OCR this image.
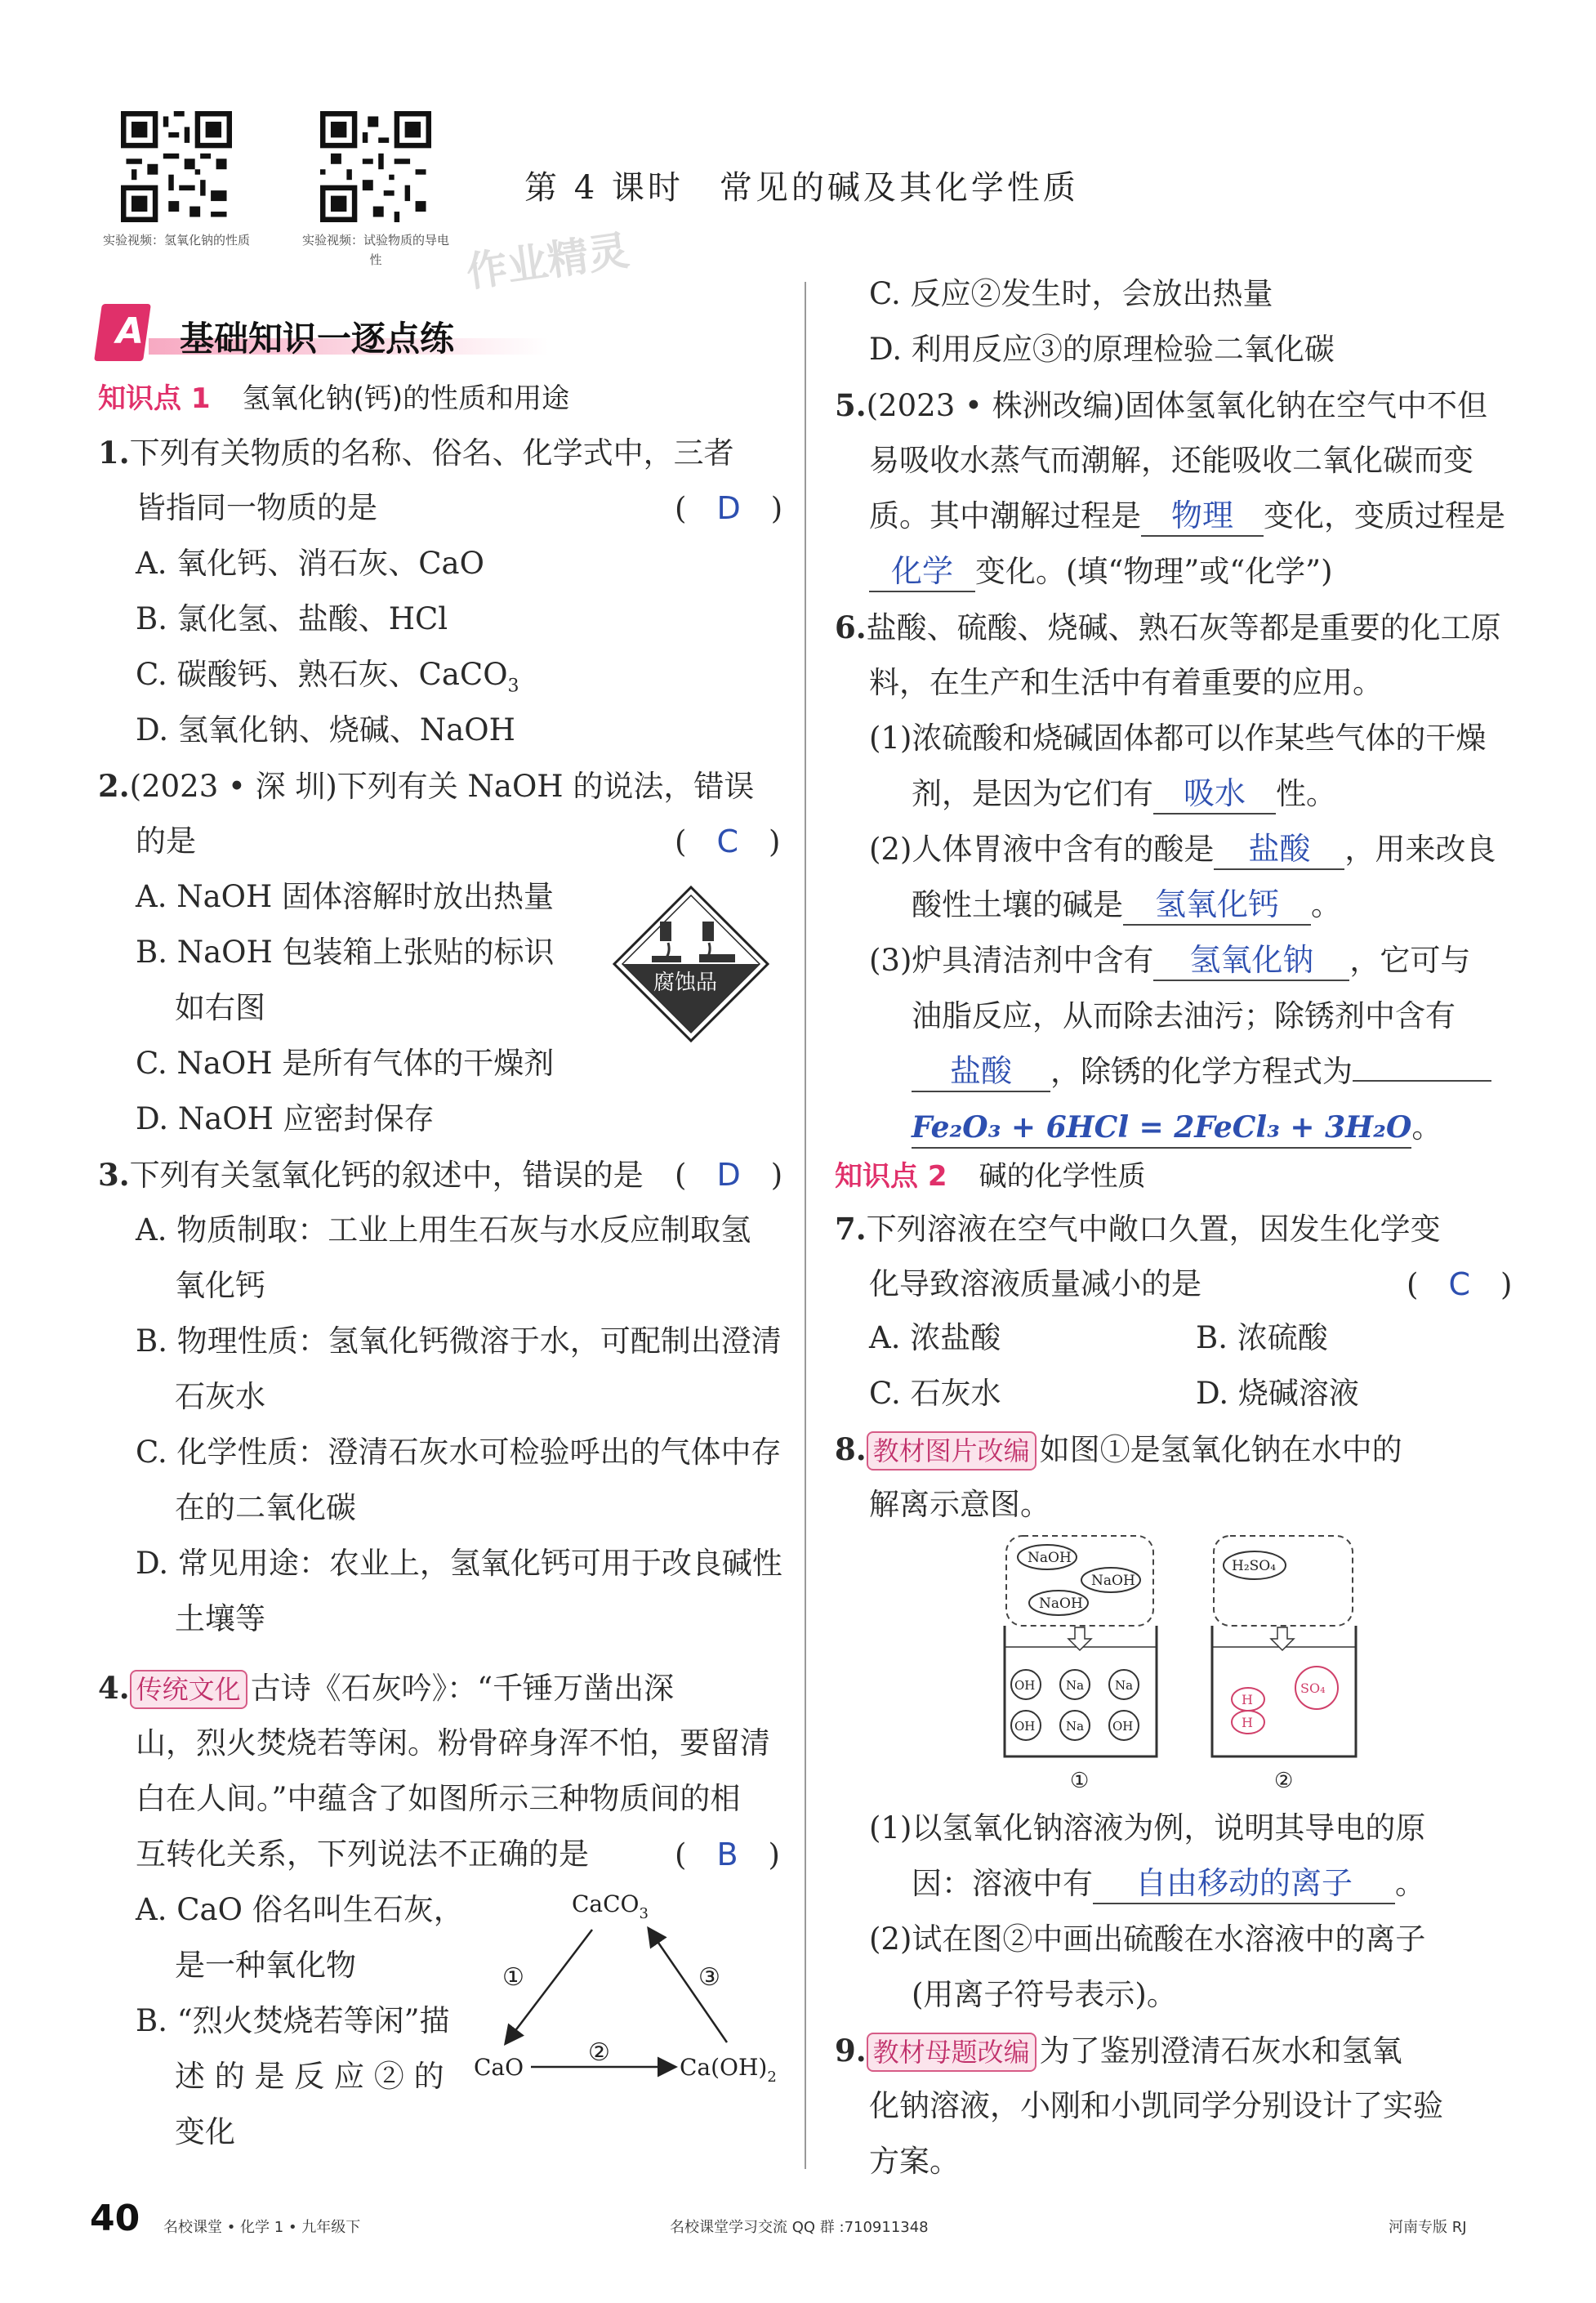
实验视频：氢氧化钠的性质	实验视频：试验物质的导电性	作业精灵
第 4 课时　常见的碱及其化学性质
A 基础知识一逐点练
知识点 1 氢氧化钠(钙)的性质和用途
1.下列有关物质的名称、俗名、化学式中，三者
皆指同一物质的是	(　D　)
A. 氧化钙、消石灰、CaO
B. 氯化氢、盐酸、HCl
C. 碳酸钙、熟石灰、CaCO$_3$
D. 氢氧化钠、烧碱、NaOH
2.(2023 • 深 圳)下列有关 NaOH 的说法，错误
的是	(　C　)
A. NaOH 固体溶解时放出热量
B. NaOH 包装箱上张贴的标识
如右图
C. NaOH 是所有气体的干燥剂
D. NaOH 应密封保存
腐蚀品
3.下列有关氢氧化钙的叙述中，错误的是 (　D　)
A. 物质制取：工业上用生石灰与水反应制取氢
氧化钙
B. 物理性质：氢氧化钙微溶于水，可配制出澄清
石灰水
C. 化学性质：澄清石灰水可检验呼出的气体中存
在的二氧化碳
D. 常见用途：农业上，氢氧化钙可用于改良碱性
土壤等
4. 传统文化 古诗《石灰吟》：“千锤万凿出深
山，烈火焚烧若等闲。粉骨碎身浑不怕，要留清
白在人间。”中蕴含了如图所示三种物质间的相
互转化关系，下列说法不正确的是	(　B　)
A. CaO 俗名叫生石灰，
是一种氧化物
B. “烈火焚烧若等闲”描
述 的 是 反 应 ② 的
变化
CaCO$_3$
①	③
②
CaO	$Ca(OH)_2$
C. 反应②发生时，会放出热量
D. 利用反应③的原理检验二氧化碳
5.(2023 • 株洲改编)固体氢氧化钠在空气中不但
易吸收水蒸气而潮解，还能吸收二氧化碳而变
质。其中潮解过程是 物理 变化，变质过程是
化学 变化。(填“物理”或“化学”)
6.盐酸、硫酸、烧碱、熟石灰等都是重要的化工原
料，在生产和生活中有着重要的应用。
(1)浓硫酸和烧碱固体都可以作某些气体的干燥
剂，是因为它们有 吸水 性。
(2)人体胃液中含有的酸是 盐酸 ，用来改良
酸性土壤的碱是 氢氧化钙 。
(3)炉具清洁剂中含有 氢氧化钠 ，它可与
油脂反应，从而除去油污；除锈剂中含有
盐酸 ，除锈的化学方程式为
Fe₂O₃ + 6HCl = 2FeCl₃ + 3H₂O。
知识点 2 碱的化学性质
7.下列溶液在空气中敞口久置，因发生化学变
化导致溶液质量减小的是	(　C　)
A. 浓盐酸	B. 浓硫酸
C. 石灰水	D. 烧碱溶液
8. 教材图片改编 如图①是氢氧化钠在水中的
解离示意图。
NaOH
NaOH
NaOH
OH	Na	Na
OH	Na OH
①
H₂SO₄
H
H
SO₄
②
(1)以氢氧化钠溶液为例，说明其导电的原
因：溶液中有 自由移动的离子 。
(2)试在图②中画出硫酸在水溶液中的离子
(用离子符号表示)。
9. 教材母题改编 为了鉴别澄清石灰水和氢氧
化钠溶液，小刚和小凯同学分别设计了实验
方案。
40 名校课堂 • 化学 1 • 九年级下	名校课堂学习交流 QQ 群 :710911348	河南专版 RJ
